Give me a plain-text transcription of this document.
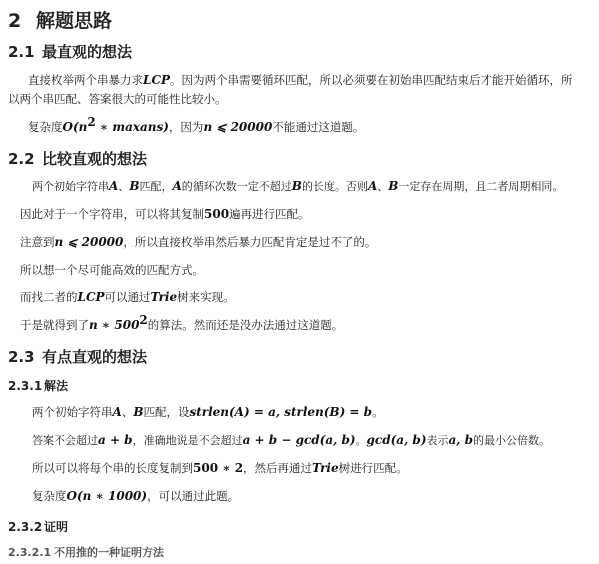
2 解题思路
2.1 最直观的想法
直接枚举两个串暴力求LCP。因为两个串需要循环匹配，所以必须要在初始串匹配结束后才能开始循环，所
以两个串匹配、答案很大的可能性比较小。
复杂度$O(n^2$ ∗ maxans)，因为n ⩽ 20000不能通过这道题。
2.2 比较直观的想法
两个初始字符串A、B匹配，A的循环次数一定不超过B的长度。否则A、B一定存在周期，且二者周期相同。
因此对于一个字符串，可以将其复制500遍再进行匹配。
注意到n ⩽ 20000，所以直接枚举串然后暴力匹配肯定是过不了的。
所以想一个尽可能高效的匹配方式。
而找二者的LCP可以通过Trie树来实现。
于是就得到了n ∗ $500^2$的算法。然而还是没办法通过这道题。
2.3 有点直观的想法
2.3.1 解法
两个初始字符串A、B匹配，设strlen(A) = a, strlen(B) = b。
答案不会超过a + b，准确地说是不会超过a + b − gcd(a, b)。gcd(a, b)表示a, b的最小公倍数。
所以可以将每个串的长度复制到500 ∗ 2，然后再通过Trie树进行匹配。
复杂度O(n ∗ 1000)，可以通过此题。
2.3.2 证明
2.3.2.1 不用推的一种证明方法
